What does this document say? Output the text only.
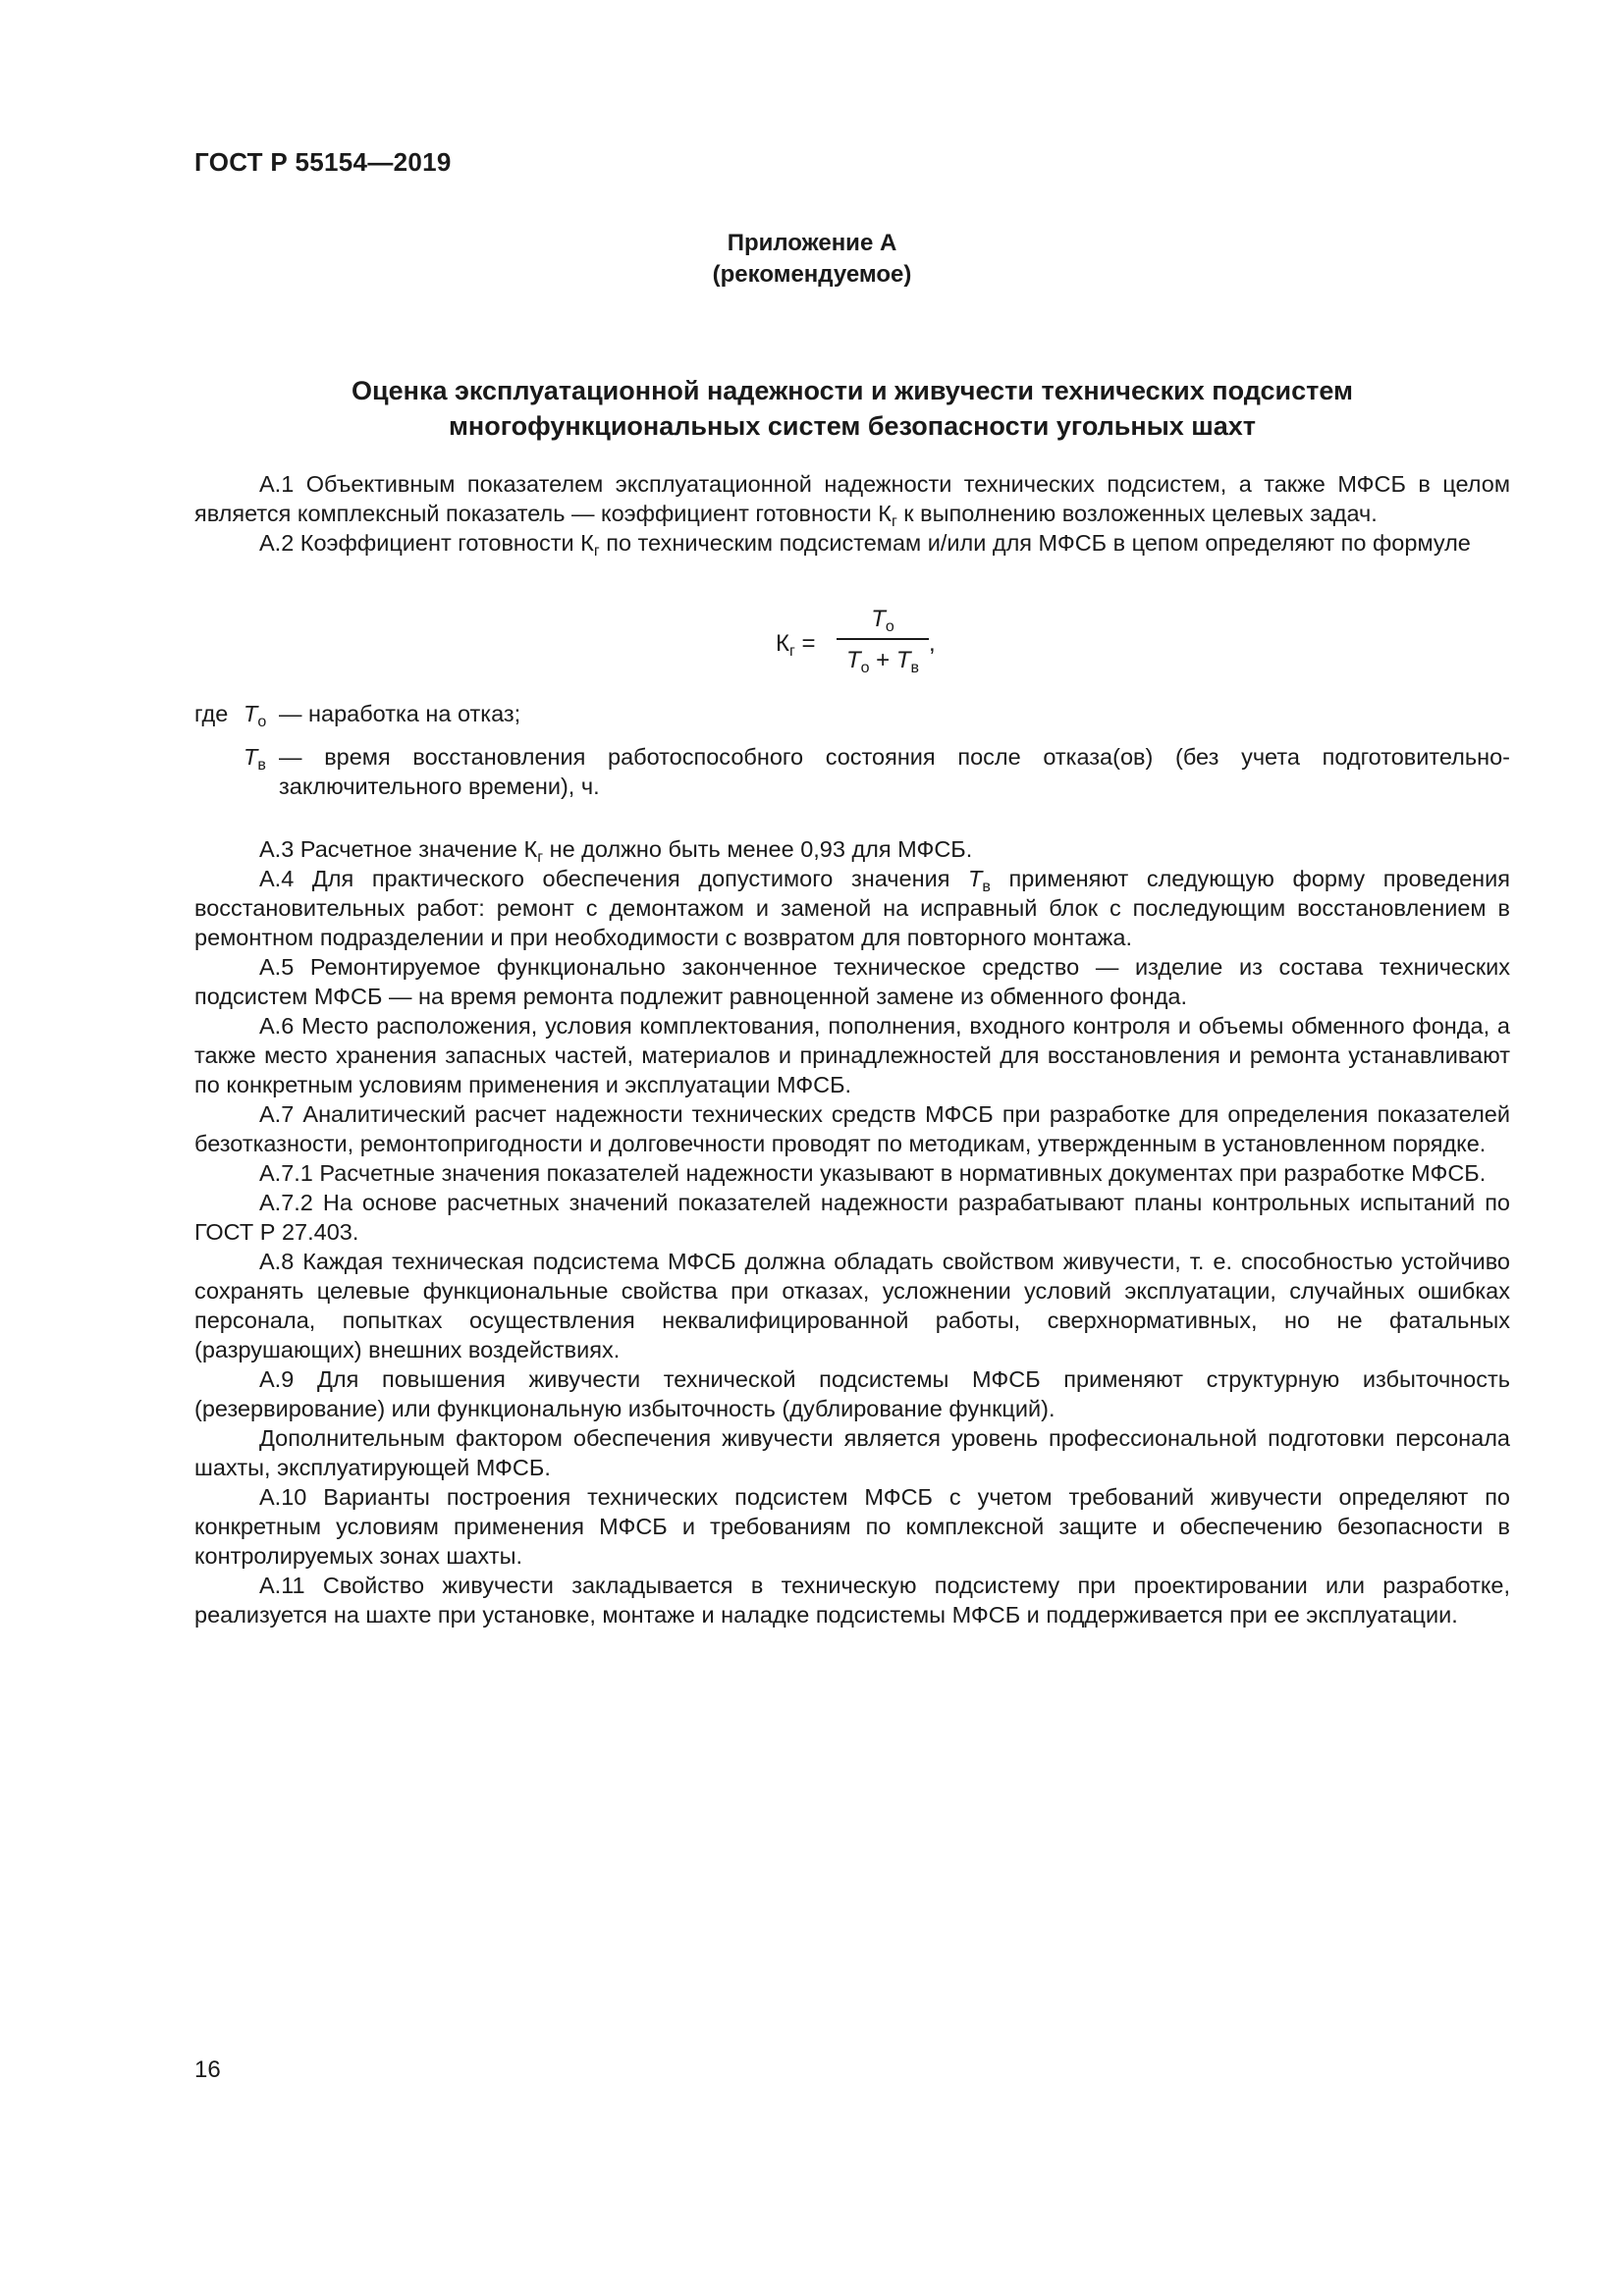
ГОСТ Р 55154—2019
Приложение А
(рекомендуемое)
Оценка эксплуатационной надежности и живучести технических подсистем
многофункциональных систем безопасности угольных шахт

А.1 Объективным показателем эксплуатационной надежности технических подсистем, а также МФСБ в целом является комплексный показатель — коэффициент готовности $К_г$ к выполнению возложенных целевых задач.

А.2 Коэффициент готовности $К_г$ по техническим подсистемам и/или для МФСБ в цепом определяют по формуле

$К_г$ =
$T_о$
$T_о + T_в$
,
где $T_о$ — наработка на отказ;
$T_в$ — время восстановления работоспособного состояния после отказа(ов) (без учета подготовительно-заключительного времени), ч.

А.3 Расчетное значение $К_г$ не должно быть менее 0,93 для МФСБ.

А.4 Для практического обеспечения допустимого значения $T_в$ применяют следующую форму проведения восстановительных работ: ремонт с демонтажом и заменой на исправный блок с последующим восстановлением в ремонтном подразделении и при необходимости с возвратом для повторного монтажа.

А.5 Ремонтируемое функционально законченное техническое средство — изделие из состава технических подсистем МФСБ — на время ремонта подлежит равноценной замене из обменного фонда.

А.6 Место расположения, условия комплектования, пополнения, входного контроля и объемы обменного фонда, а также место хранения запасных частей, материалов и принадлежностей для восстановления и ремонта устанавливают по конкретным условиям применения и эксплуатации МФСБ.

А.7 Аналитический расчет надежности технических средств МФСБ при разработке для определения показателей безотказности, ремонтопригодности и долговечности проводят по методикам, утвержденным в установленном порядке.

А.7.1 Расчетные значения показателей надежности указывают в нормативных документах при разработке МФСБ.

А.7.2 На основе расчетных значений показателей надежности разрабатывают планы контрольных испытаний по ГОСТ Р 27.403.

А.8 Каждая техническая подсистема МФСБ должна обладать свойством живучести, т. е. способностью устойчиво сохранять целевые функциональные свойства при отказах, усложнении условий эксплуатации, случайных ошибках персонала, попытках осуществления неквалифицированной работы, сверхнормативных, но не фатальных (разрушающих) внешних воздействиях.

А.9 Для повышения живучести технической подсистемы МФСБ применяют структурную избыточность (резервирование) или функциональную избыточность (дублирование функций).

Дополнительным фактором обеспечения живучести является уровень профессиональной подготовки персонала шахты, эксплуатирующей МФСБ.

А.10 Варианты построения технических подсистем МФСБ с учетом требований живучести определяют по конкретным условиям применения МФСБ и требованиям по комплексной защите и обеспечению безопасности в контролируемых зонах шахты.

А.11 Свойство живучести закладывается в техническую подсистему при проектировании или разработке, реализуется на шахте при установке, монтаже и наладке подсистемы МФСБ и поддерживается при ее эксплуатации.

16
